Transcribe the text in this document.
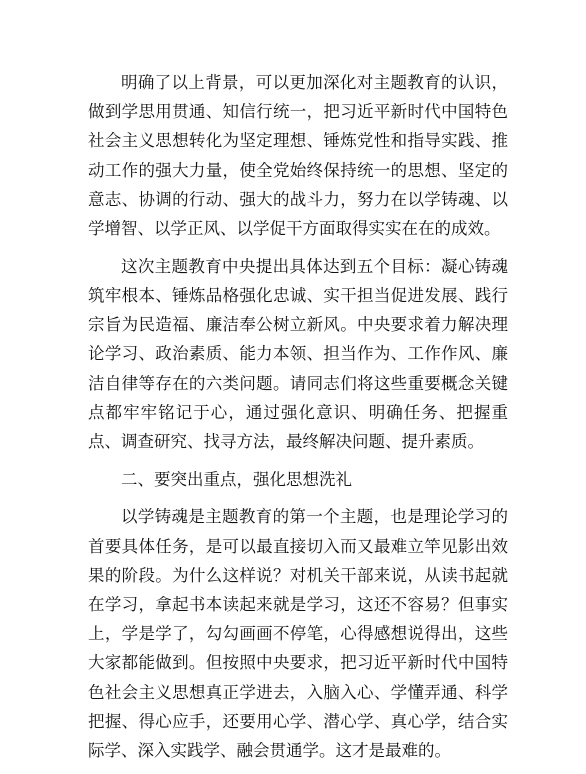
明确了以上背景，可以更加深化对主题教育的认识，做到学思用贯通、知信行统一，把习近平新时代中国特色社会主义思想转化为坚定理想、锤炼党性和指导实践、推动工作的强大力量，使全党始终保持统一的思想、坚定的意志、协调的行动、强大的战斗力，努力在以学铸魂、以学增智、以学正风、以学促干方面取得实实在在的成效。

这次主题教育中央提出具体达到五个目标：凝心铸魂筑牢根本、锤炼品格强化忠诚、实干担当促进发展、践行宗旨为民造福、廉洁奉公树立新风。中央要求着力解决理论学习、政治素质、能力本领、担当作为、工作作风、廉洁自律等存在的六类问题。请同志们将这些重要概念关键点都牢牢铭记于心，通过强化意识、明确任务、把握重点、调查研究、找寻方法，最终解决问题、提升素质。

二、要突出重点，强化思想洗礼

以学铸魂是主题教育的第一个主题，也是理论学习的首要具体任务，是可以最直接切入而又最难立竿见影出效果的阶段。为什么这样说？对机关干部来说，从读书起就在学习，拿起书本读起来就是学习，这还不容易？但事实上，学是学了，勾勾画画不停笔，心得感想说得出，这些大家都能做到。但按照中央要求，把习近平新时代中国特色社会主义思想真正学进去，入脑入心、学懂弄通、科学把握、得心应手，还要用心学、潜心学、真心学，结合实际学、深入实践学、融会贯通学。这才是最难的。
